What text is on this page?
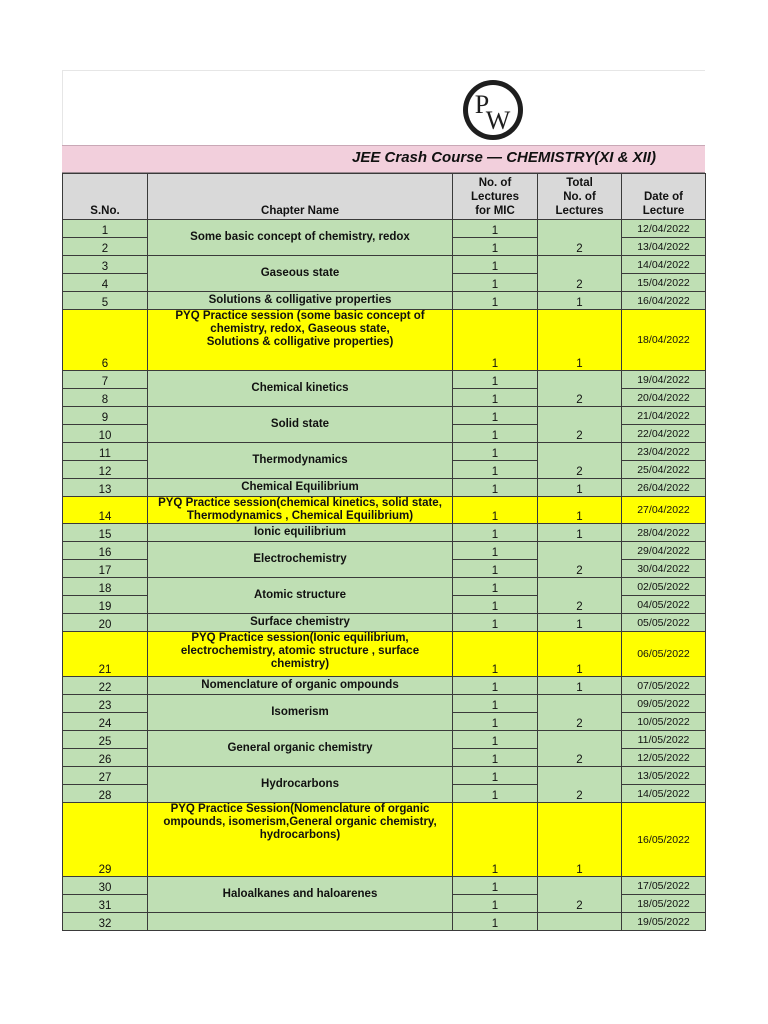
P
W
JEE Crash Course — CHEMISTRY(XI & XII)
S.No.	Chapter Name	No. of
Lectures
for MIC	Total
No. of
Lectures	Date of
Lecture
1	Some basic concept of chemistry, redox	1	2	12/04/2022
2		1		13/04/2022
3	Gaseous state	1	2	14/04/2022
4		1		15/04/2022
5	Solutions & colligative properties	1	1	16/04/2022
6	PYQ Practice session (some basic concept of
chemistry, redox, Gaseous state,
Solutions & colligative properties)	1	1	18/04/2022
7	Chemical kinetics	1	2	19/04/2022
8		1		20/04/2022
9	Solid state	1	2	21/04/2022
10		1		22/04/2022
11	Thermodynamics	1	2	23/04/2022
12		1		25/04/2022
13	Chemical Equilibrium	1	1	26/04/2022
14	PYQ Practice session(chemical kinetics, solid state,
Thermodynamics , Chemical Equilibrium)	1	1	27/04/2022
15	Ionic equilibrium	1	1	28/04/2022
16	Electrochemistry	1	2	29/04/2022
17		1		30/04/2022
18	Atomic structure	1	2	02/05/2022
19		1		04/05/2022
20	Surface chemistry	1	1	05/05/2022
21	PYQ Practice session(Ionic equilibrium,
electrochemistry, atomic structure , surface
chemistry)	1	1	06/05/2022
22	Nomenclature of organic ompounds	1	1	07/05/2022
23	Isomerism	1	2	09/05/2022
24		1		10/05/2022
25	General organic chemistry	1	2	11/05/2022
26		1		12/05/2022
27	Hydrocarbons	1	2	13/05/2022
28		1		14/05/2022
29	PYQ Practice Session(Nomenclature of organic
ompounds, isomerism,General organic chemistry,
hydrocarbons)	1	1	16/05/2022
30	Haloalkanes and haloarenes	1	2	17/05/2022
31		1		18/05/2022
32		1		19/05/2022
